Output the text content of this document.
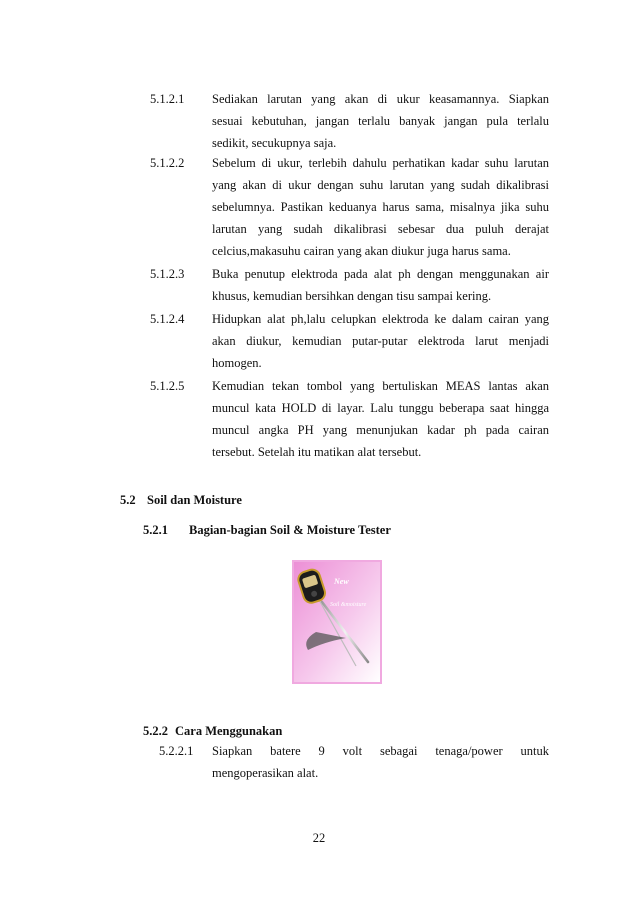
5.1.2.1 Sediakan larutan yang akan di ukur keasamannya. Siapkan
sesuai kebutuhan, jangan terlalu banyak jangan pula terlalu
sedikit, secukupnya saja.
5.1.2.2 Sebelum di ukur, terlebih dahulu perhatikan kadar suhu larutan
yang akan di ukur dengan suhu larutan yang sudah dikalibrasi
sebelumnya. Pastikan keduanya harus sama, misalnya jika suhu
larutan yang sudah dikalibrasi sebesar dua puluh derajat
celcius,makasuhu cairan yang akan diukur juga harus sama.
5.1.2.3 Buka penutup elektroda pada alat ph dengan menggunakan air
khusus, kemudian bersihkan dengan tisu sampai kering.
5.1.2.4 Hidupkan alat ph,lalu celupkan elektroda ke dalam cairan yang
akan diukur, kemudian putar-putar elektroda larut menjadi
homogen.
5.1.2.5 Kemudian tekan tombol yang bertuliskan MEAS lantas akan
muncul kata HOLD di layar. Lalu tunggu beberapa saat hingga
muncul angka PH yang menunjukan kadar ph pada cairan
tersebut. Setelah itu matikan alat tersebut.
5.2 Soil dan Moisture
5.2.1 Bagian-bagian Soil & Moisture Tester
New
Soil &moisture
5.2.2 Cara Menggunakan
5.2.2.1 Siapkan batere 9 volt sebagai tenaga/power untuk
mengoperasikan alat.
22
